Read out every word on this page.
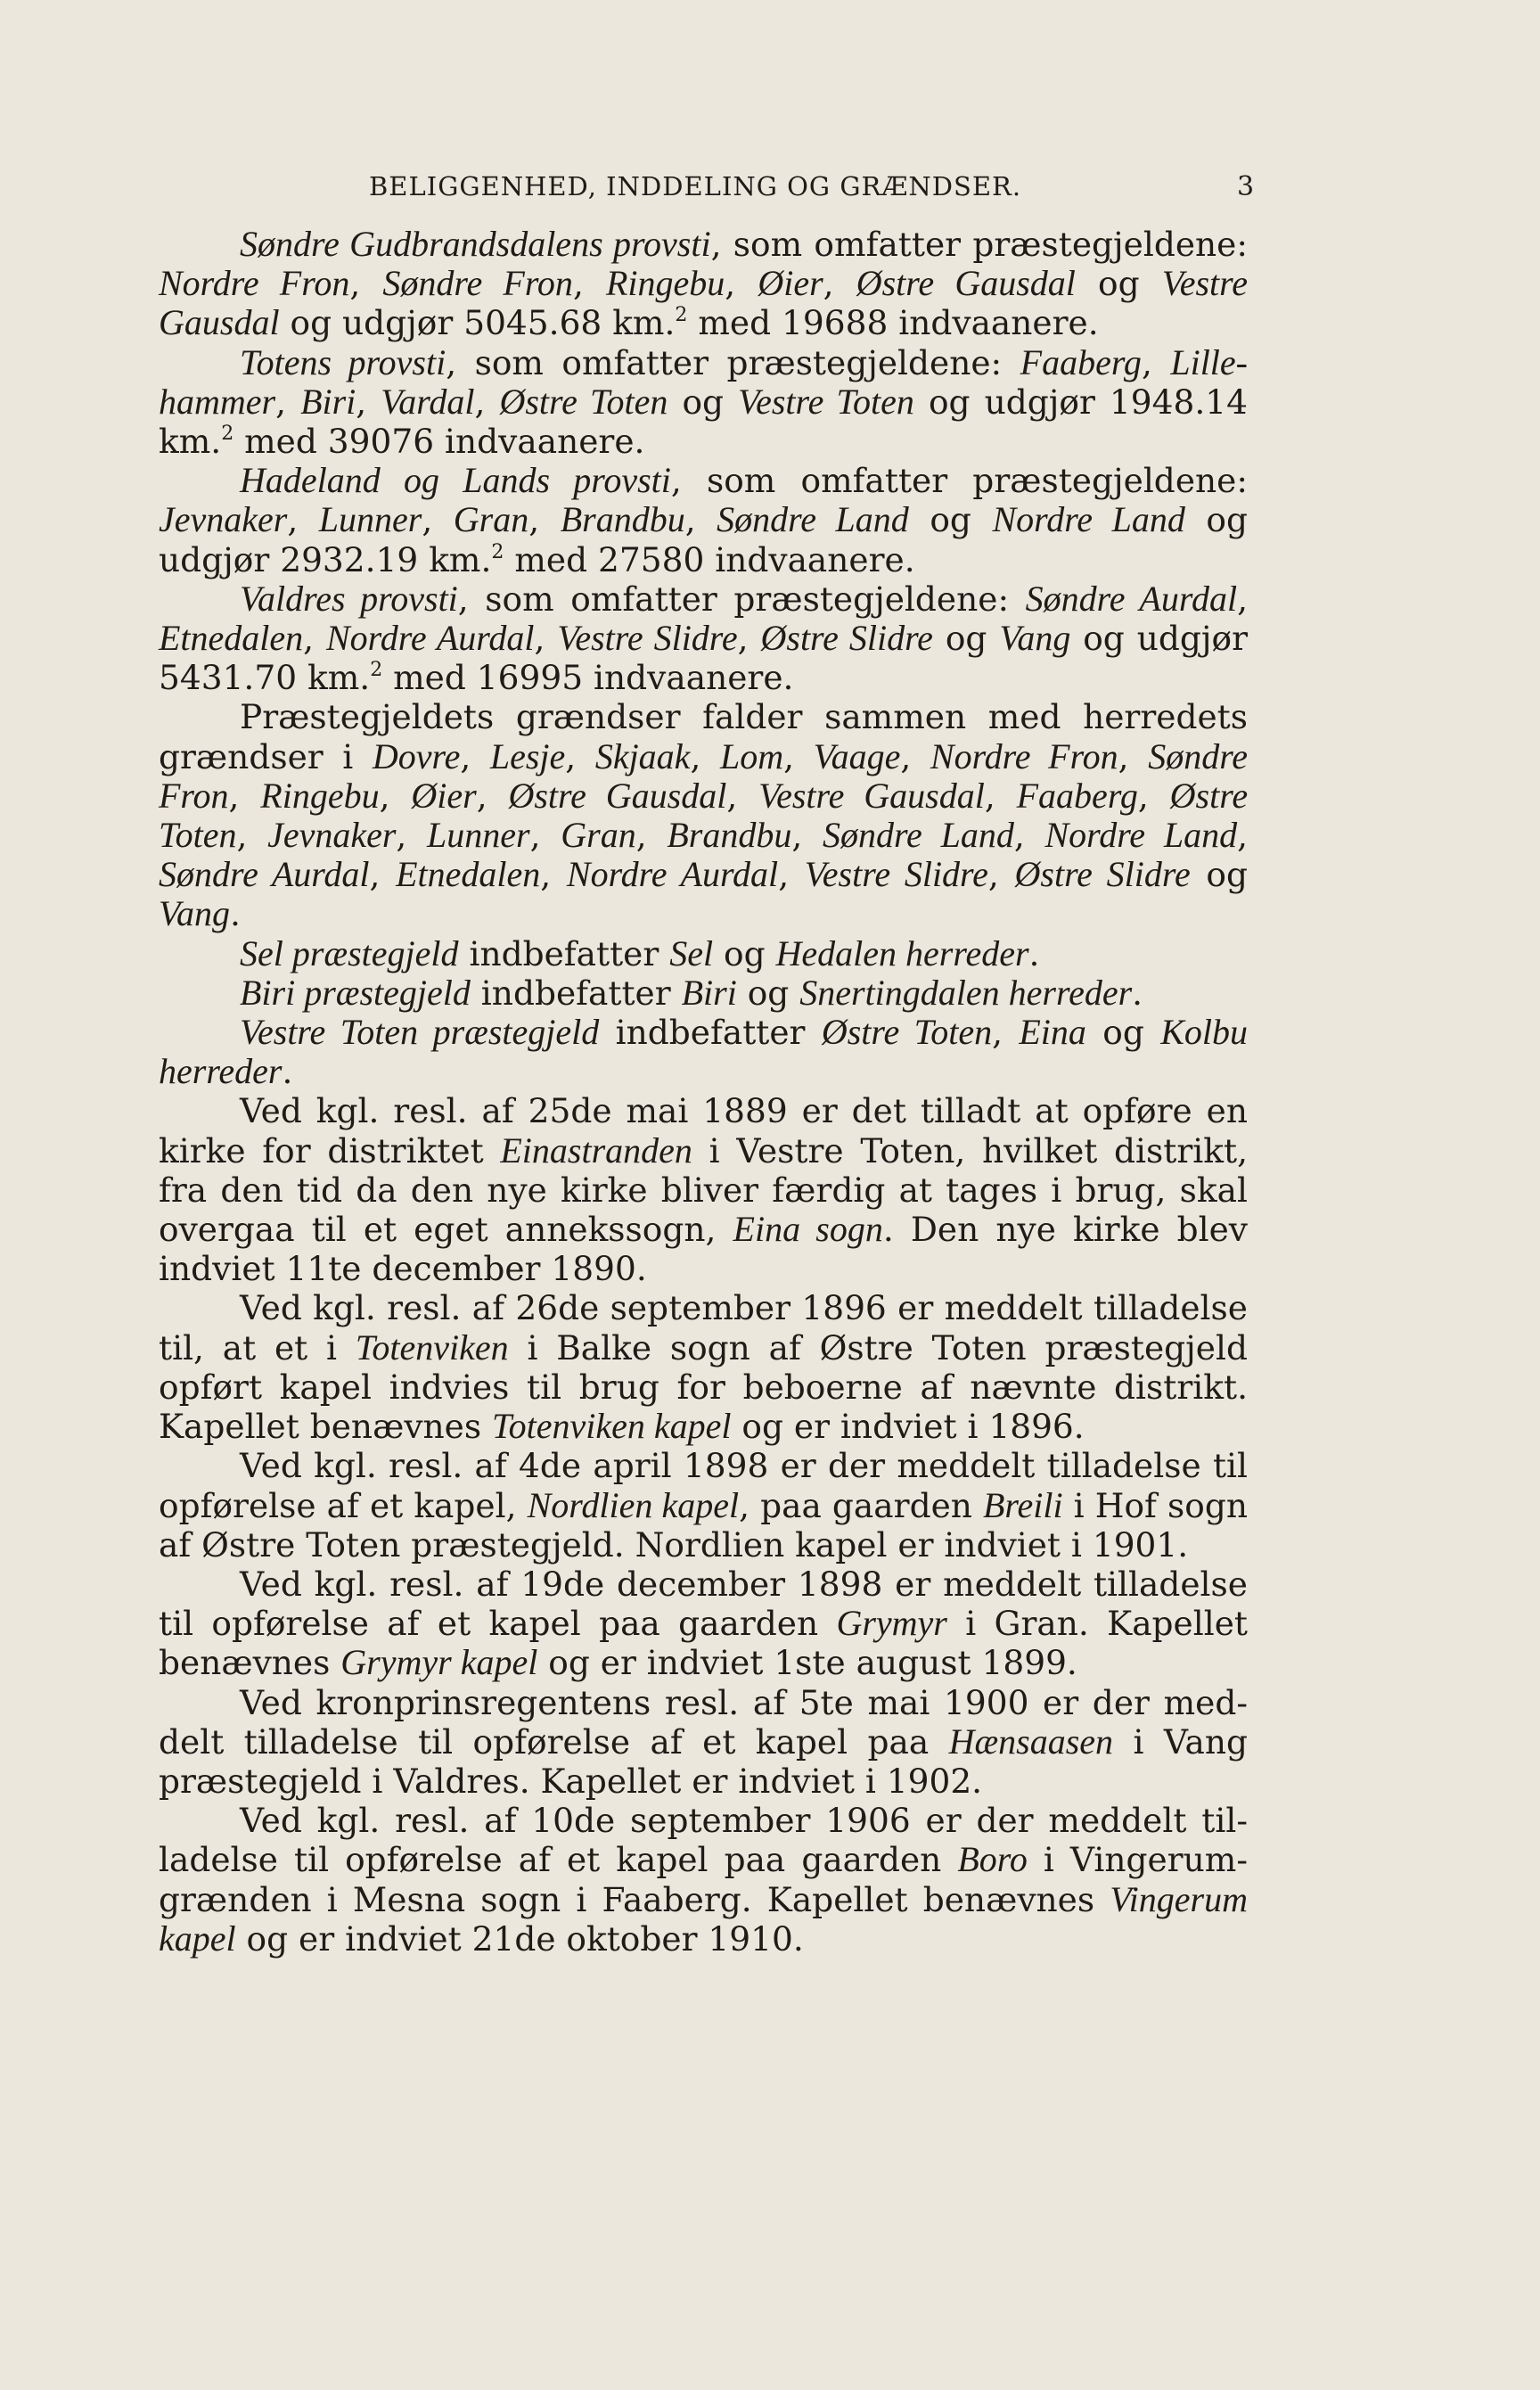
BELIGGENHED, INDDELING OG GRÆNDSER.	3

Søndre Gudbrandsdalens provsti, som omfatter præstegjeldene: Nordre Fron, Søndre Fron, Ringebu, Øier, Østre Gausdal og Vestre Gausdal og udgjør 5045.68 km.$^2$ med 19688 indvaanere.

Totens provsti, som omfatter præstegjeldene: Faaberg, Lillehammer, Biri, Vardal, Østre Toten og Vestre Toten og udgjør 1948.14 km.$^2$ med 39076 indvaanere.

Hadeland og Lands provsti, som omfatter præstegjeldene: Jevnaker, Lunner, Gran, Brandbu, Søndre Land og Nordre Land og udgjør 2932.19 km.$^2$ med 27580 indvaanere.

Valdres provsti, som omfatter præstegjeldene: Søndre Aurdal, Etnedalen, Nordre Aurdal, Vestre Slidre, Østre Slidre og Vang og udgjør 5431.70 km.$^2$ med 16995 indvaanere.

Præstegjeldets grændser falder sammen med herredets grændser i Dovre, Lesje, Skjaak, Lom, Vaage, Nordre Fron, Søndre Fron, Ringebu, Øier, Østre Gausdal, Vestre Gausdal, Faaberg, Østre Toten, Jevnaker, Lunner, Gran, Brandbu, Søndre Land, Nordre Land, Søndre Aurdal, Etnedalen, Nordre Aurdal, Vestre Slidre, Østre Slidre og Vang.

Sel præstegjeld indbefatter Sel og Hedalen herreder.

Biri præstegjeld indbefatter Biri og Snertingdalen herreder.

Vestre Toten præstegjeld indbefatter Østre Toten, Eina og Kolbu herreder.

Ved kgl. resl. af 25de mai 1889 er det tilladt at opføre en kirke for distriktet Einastranden i Vestre Toten, hvilket distrikt, fra den tid da den nye kirke bliver færdig at tages i brug, skal overgaa til et eget annekssogn, Eina sogn. Den nye kirke blev indviet 11te december 1890.

Ved kgl. resl. af 26de september 1896 er meddelt tilladelse til, at et i Totenviken i Balke sogn af Østre Toten præstegjeld opført kapel indvies til brug for beboerne af nævnte distrikt. Kapellet benævnes Totenviken kapel og er indviet i 1896.

Ved kgl. resl. af 4de april 1898 er der meddelt tilladelse til opførelse af et kapel, Nordlien kapel, paa gaarden Breili i Hof sogn af Østre Toten præstegjeld. Nordlien kapel er indviet i 1901.

Ved kgl. resl. af 19de december 1898 er meddelt tilladelse til opførelse af et kapel paa gaarden Grymyr i Gran. Kapellet benævnes Grymyr kapel og er indviet 1ste august 1899.

Ved kronprinsregentens resl. af 5te mai 1900 er der meddelt tilladelse til opførelse af et kapel paa Hænsaasen i Vang præstegjeld i Valdres. Kapellet er indviet i 1902.

Ved kgl. resl. af 10de september 1906 er der meddelt tilladelse til opførelse af et kapel paa gaarden Boro i Vingerumgrænden i Mesna sogn i Faaberg. Kapellet benævnes Vingerum kapel og er indviet 21de oktober 1910.
